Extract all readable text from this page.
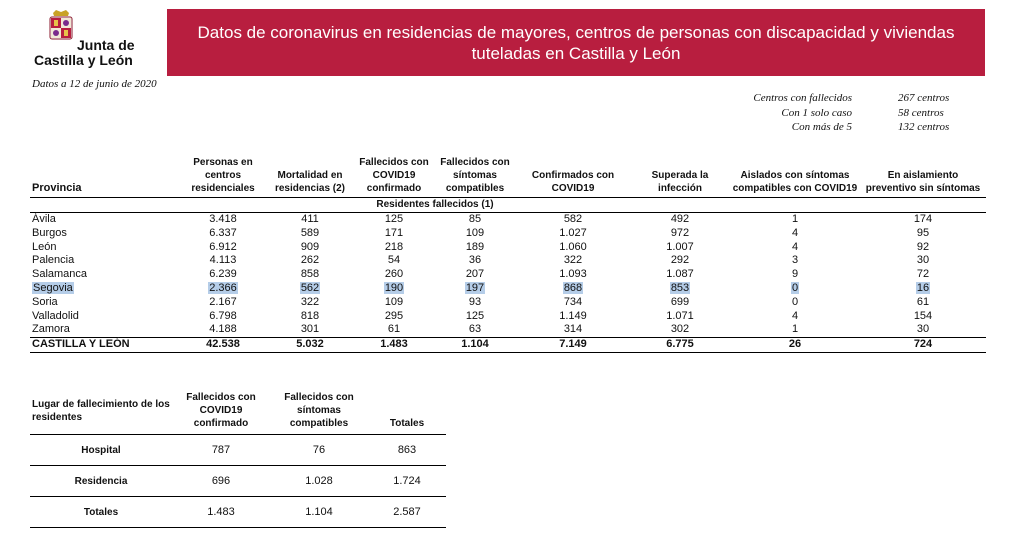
Junta de
Castilla y León
Datos de coronavirus en residencias de mayores, centros de personas con discapacidad y viviendas tuteladas en Castilla y León
Datos a 12 de junio de 2020
Centros con fallecidos	267 centros
Con 1 solo caso	58 centros
Con más de 5	132 centros
Provincia	Personas en centros residenciales	Mortalidad en residencias (2)	Fallecidos con COVID19 confirmado	Fallecidos con síntomas compatibles	Confirmados con COVID19	Superada la infección	Aislados con síntomas compatibles con COVID19	En aislamiento preventivo sin síntomas
			Residentes fallecidos (1)					
Ávila	3.418	411	125	85	582	492	1	174
Burgos	6.337	589	171	109	1.027	972	4	95
León	6.912	909	218	189	1.060	1.007	4	92
Palencia	4.113	262	54	36	322	292	3	30
Salamanca	6.239	858	260	207	1.093	1.087	9	72
Segovia	2.366	562	190	197	868	853	0	16
Soria	2.167	322	109	93	734	699	0	61
Valladolid	6.798	818	295	125	1.149	1.071	4	154
Zamora	4.188	301	61	63	314	302	1	30
CASTILLA Y LEÓN	42.538	5.032	1.483	1.104	7.149	6.775	26	724
Lugar de fallecimiento de los residentes	Fallecidos con COVID19 confirmado	Fallecidos con síntomas compatibles	Totales
Hospital	787	76	863
Residencia	696	1.028	1.724
Totales	1.483	1.104	2.587
